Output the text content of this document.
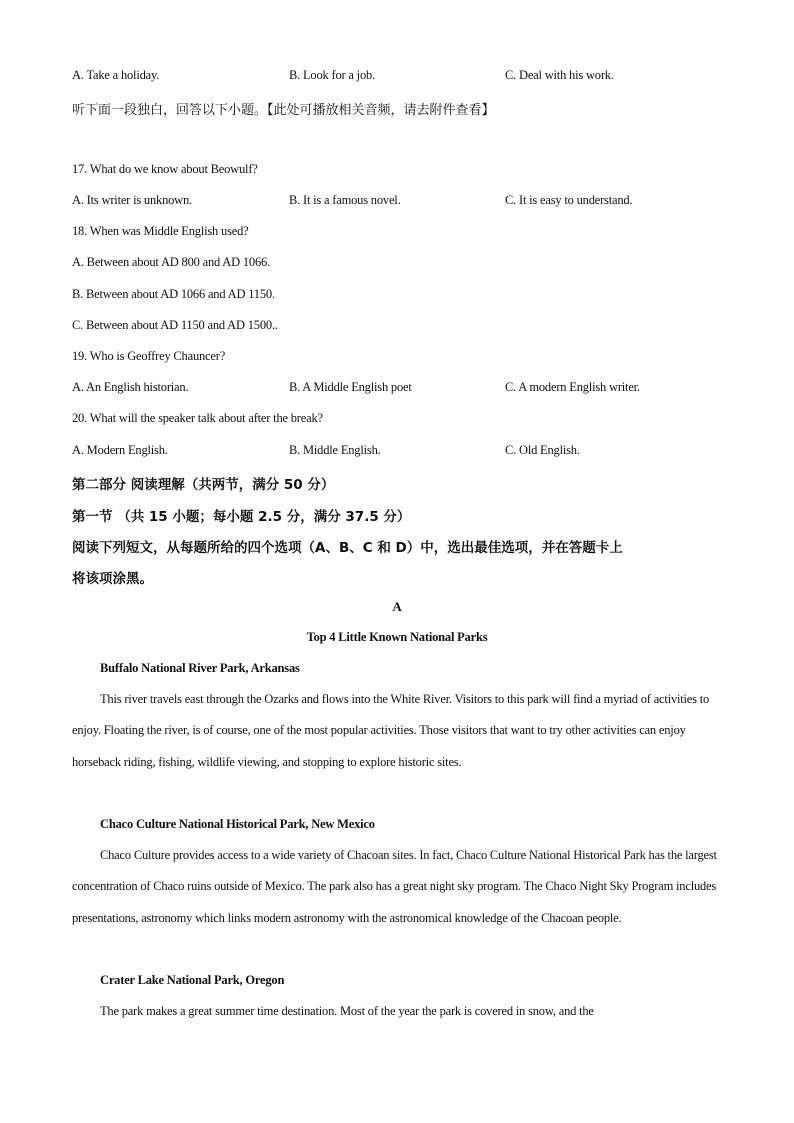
A. Take a holiday.	B. Look for a job.	C. Deal with his work.
听下面一段独白，回答以下小题。【此处可播放相关音频，请去附件查看】
17. What do we know about Beowulf?
A. Its writer is unknown.	B. It is a famous novel.	C. It is easy to understand.
18. When was Middle English used?
A. Between about AD 800 and AD 1066.
B. Between about AD 1066 and AD 1150.
C. Between about AD 1150 and AD 1500..
19. Who is Geoffrey Chauncer?
A. An English historian.	B. A Middle English poet	C. A modern English writer.
20. What will the speaker talk about after the break?
A. Modern English.	B. Middle English.	C. Old English.
第二部分 阅读理解（共两节，满分 50 分）
第一节 （共 15 小题；每小题 2.5 分，满分 37.5 分）
阅读下列短文，从每题所给的四个选项（A、B、C 和 D）中，选出最佳选项，并在答题卡上
将该项涂黑。
A
Top 4 Little Known National Parks
Buffalo National River Park, Arkansas
This river travels east through the Ozarks and flows into the White River. Visitors to this park will find a myriad of activities to enjoy. Floating the river, is of course, one of the most popular activities. Those visitors that want to try other activities can enjoy horseback riding, fishing, wildlife viewing, and stopping to explore historic sites.
Chaco Culture National Historical Park, New Mexico
Chaco Culture provides access to a wide variety of Chacoan sites. In fact, Chaco Culture National Historical Park has the largest concentration of Chaco ruins outside of Mexico. The park also has a great night sky program. The Chaco Night Sky Program includes presentations, astronomy which links modern astronomy with the astronomical knowledge of the Chacoan people.
Crater Lake National Park, Oregon
The park makes a great summer time destination. Most of the year the park is covered in snow, and the
